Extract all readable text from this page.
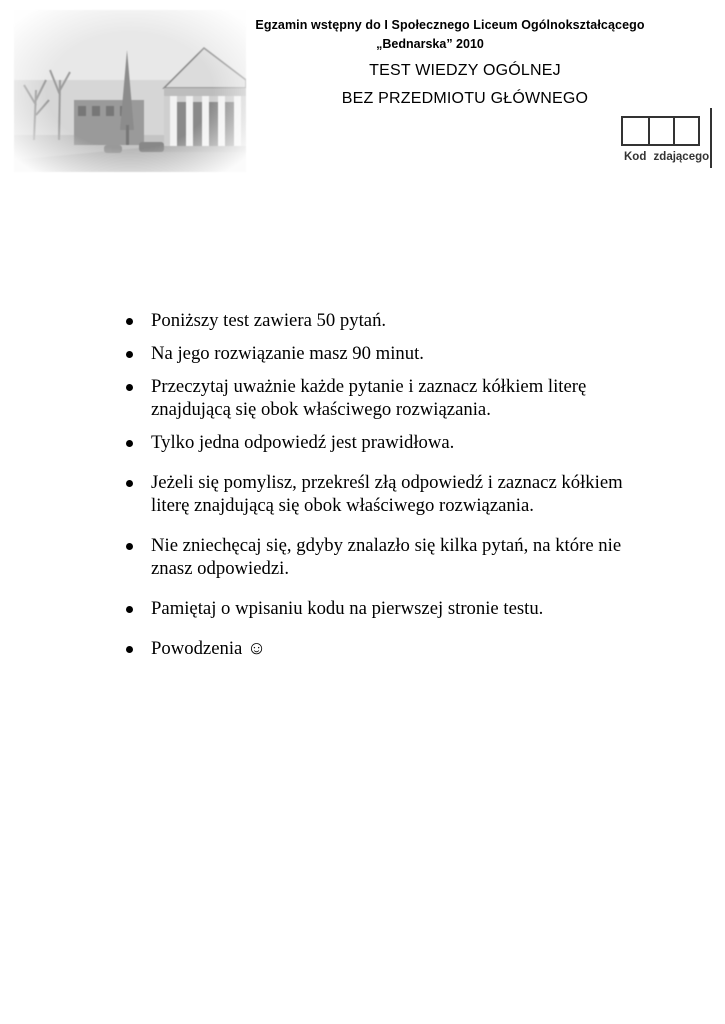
Egzamin wstępny do I Społecznego Liceum Ogólnokształcącego
„Bednarska” 2010
TEST WIEDZY OGÓLNEJ
BEZ PRZEDMIOTU GŁÓWNEGO
Kod zdającego
Poniższy test zawiera 50 pytań.
Na jego rozwiązanie masz 90 minut.
Przeczytaj uważnie każde pytanie i zaznacz kółkiem literę znajdującą się obok właściwego rozwiązania.
Tylko jedna odpowiedź jest prawidłowa.
Jeżeli się pomylisz, przekreśl złą odpowiedź i zaznacz kółkiem literę znajdującą się obok właściwego rozwiązania.
Nie zniechęcaj się, gdyby znalazło się kilka pytań, na które nie znasz odpowiedzi.
Pamiętaj o wpisaniu kodu na pierwszej stronie testu.
Powodzenia ☺
